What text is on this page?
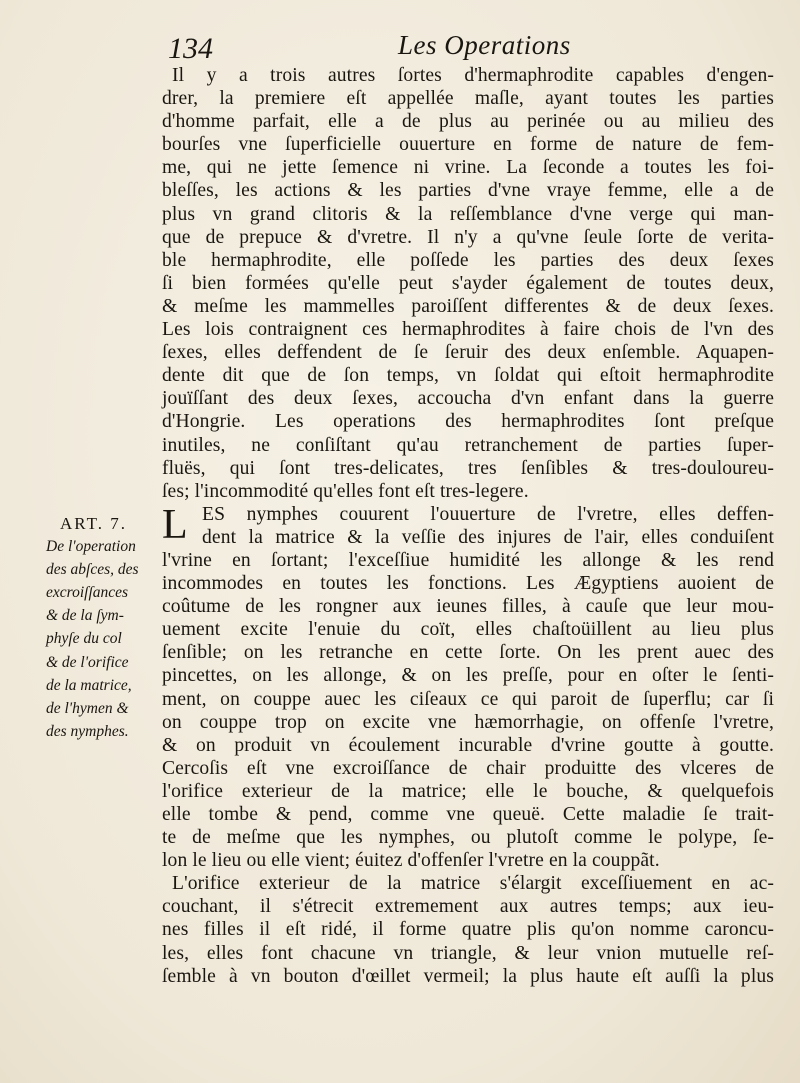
134	Les Operations
ART. 7.
De l'operation
des abſces, des
excroiſſances
& de la ſym-
phyſe du col
& de l'orifice
de la matrice,
de l'hymen &
des nymphes.
Il y a trois autres ſortes d'hermaphrodite capables d'engen-
drer, la premiere eſt appellée maſle, ayant toutes les parties
d'homme parfait, elle a de plus au perinée ou au milieu des
bourſes vne ſuperficielle ouuerture en forme de nature de fem-
me, qui ne jette ſemence ni vrine. La ſeconde a toutes les foi-
bleſſes, les actions & les parties d'vne vraye femme, elle a de
plus vn grand clitoris & la reſſemblance d'vne verge qui man-
que de prepuce & d'vretre. Il n'y a qu'vne ſeule ſorte de verita-
ble hermaphrodite, elle poſſede les parties des deux ſexes
ſi bien formées qu'elle peut s'ayder également de toutes deux,
& meſme les mammelles paroiſſent differentes & de deux ſexes.
Les lois contraignent ces hermaphrodites à faire chois de l'vn des
ſexes, elles deffendent de ſe ſeruir des deux enſemble. Aquapen-
dente dit que de ſon temps, vn ſoldat qui eſtoit hermaphrodite
jouïſſant des deux ſexes, accoucha d'vn enfant dans la guerre
d'Hongrie. Les operations des hermaphrodites ſont preſque
inutiles, ne conſiſtant qu'au retranchement de parties ſuper-
fluës, qui ſont tres-delicates, tres ſenſibles & tres-douloureu-
ſes; l'incommodité qu'elles font eſt tres-legere.
L ES nymphes couurent l'ouuerture de l'vretre, elles deffen-
dent la matrice & la veſſie des injures de l'air, elles conduiſent
l'vrine en ſortant; l'exceſſiue humidité les allonge & les rend
incommodes en toutes les fonctions. Les Ægyptiens auoient de
coûtume de les rongner aux ieunes filles, à cauſe que leur mou-
uement excite l'enuie du coït, elles chaſtoüillent au lieu plus
ſenſible; on les retranche en cette ſorte. On les prent auec des
pincettes, on les allonge, & on les preſſe, pour en oſter le ſenti-
ment, on couppe auec les ciſeaux ce qui paroit de ſuperflu; car ſi
on couppe trop on excite vne hæmorrhagie, on offenſe l'vretre,
& on produit vn écoulement incurable d'vrine goutte à goutte.
Cercoſis eſt vne excroiſſance de chair produitte des vlceres de
l'orifice exterieur de la matrice; elle le bouche, & quelquefois
elle tombe & pend, comme vne queuë. Cette maladie ſe trait-
te de meſme que les nymphes, ou plutoſt comme le polype, ſe-
lon le lieu ou elle vient; éuitez d'offenſer l'vretre en la couppãt.
L'orifice exterieur de la matrice s'élargit exceſſiuement en ac-
couchant, il s'étrecit extremement aux autres temps; aux ieu-
nes filles il eſt ridé, il forme quatre plis qu'on nomme caroncu-
les, elles font chacune vn triangle, & leur vnion mutuelle reſ-
ſemble à vn bouton d'œillet vermeil; la plus haute eſt auſſi la plus
